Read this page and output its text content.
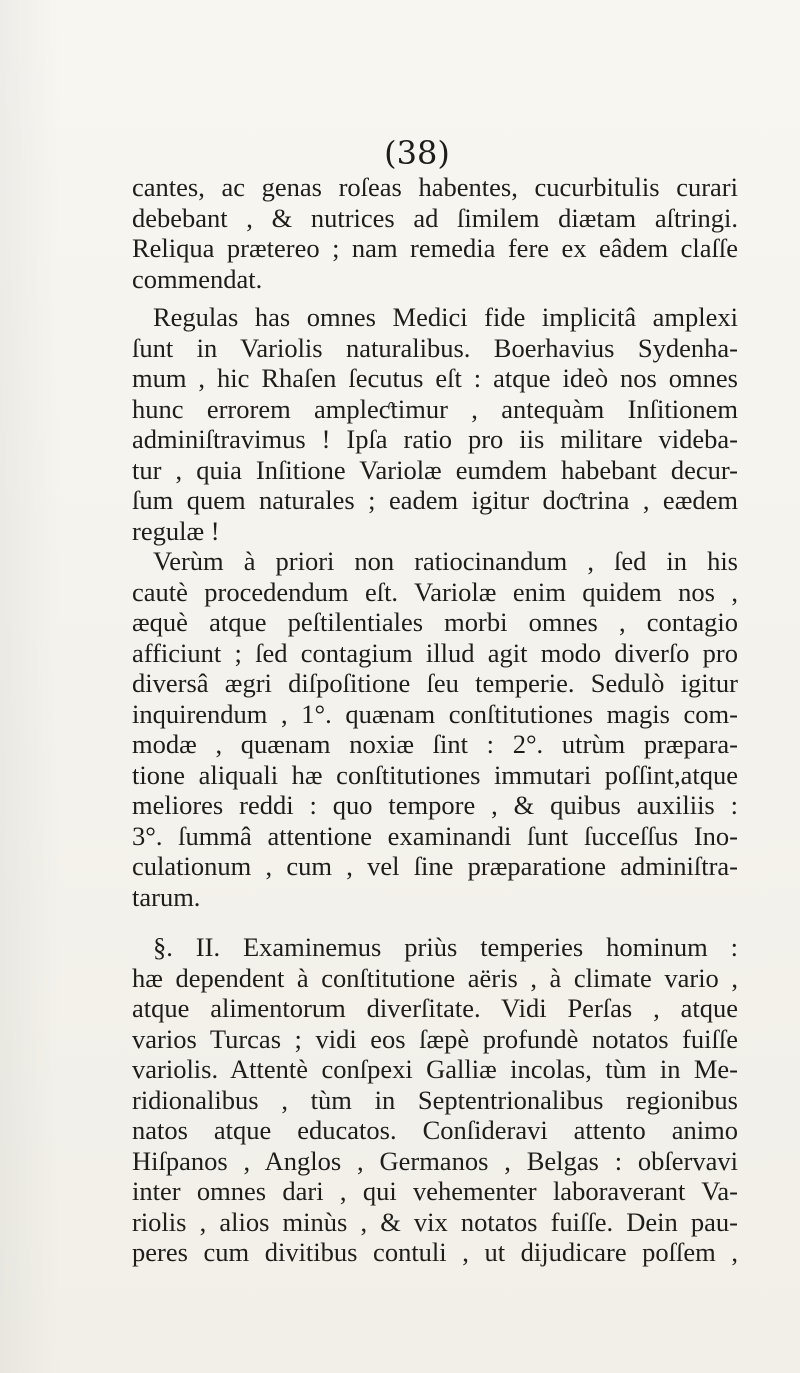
(38)
cantes, ac genas roſeas habentes, cucurbitulis curari
debebant , & nutrices ad ſimilem diætam aſtringi.
Reliqua prætereo ; nam remedia fere ex eâdem claſſe
commendat.
Regulas has omnes Medici fide implicitâ amplexi
ſunt in Variolis naturalibus. Boerhavius Sydenha-
mum , hic Rhaſen ſecutus eſt : atque ideò nos omnes
hunc errorem ampleƈtimur , antequàm Inſitionem
adminiſtravimus ! Ipſa ratio pro iis militare videba-
tur , quia Inſitione Variolæ eumdem habebant decur-
ſum quem naturales ; eadem igitur doƈtrina , eædem
regulæ !
Verùm à priori non ratiocinandum , ſed in his
cautè procedendum eſt. Variolæ enim quidem nos ,
æquè atque peſtilentiales morbi omnes , contagio
afficiunt ; ſed contagium illud agit modo diverſo pro
diversâ ægri diſpoſitione ſeu temperie. Sedulò igitur
inquirendum , 1°. quænam conſtitutiones magis com-
modæ , quænam noxiæ ſint : 2°. utrùm præpara-
tione aliquali hæ conſtitutiones immutari poſſint,atque
meliores reddi : quo tempore , & quibus auxiliis :
3°. ſummâ attentione examinandi ſunt ſucceſſus Ino-
culationum , cum , vel ſine præparatione adminiſtra-
tarum.
§. II. Examinemus priùs temperies hominum :
hæ dependent à conſtitutione aëris , à climate vario ,
atque alimentorum diverſitate. Vidi Perſas , atque
varios Turcas ; vidi eos ſæpè profundè notatos fuiſſe
variolis. Attentè conſpexi Galliæ incolas, tùm in Me-
ridionalibus , tùm in Septentrionalibus regionibus
natos atque educatos. Conſideravi attento animo
Hiſpanos , Anglos , Germanos , Belgas : obſervavi
inter omnes dari , qui vehementer laboraverant Va-
riolis , alios minùs , & vix notatos fuiſſe. Dein pau-
peres cum divitibus contuli , ut dijudicare poſſem ,
